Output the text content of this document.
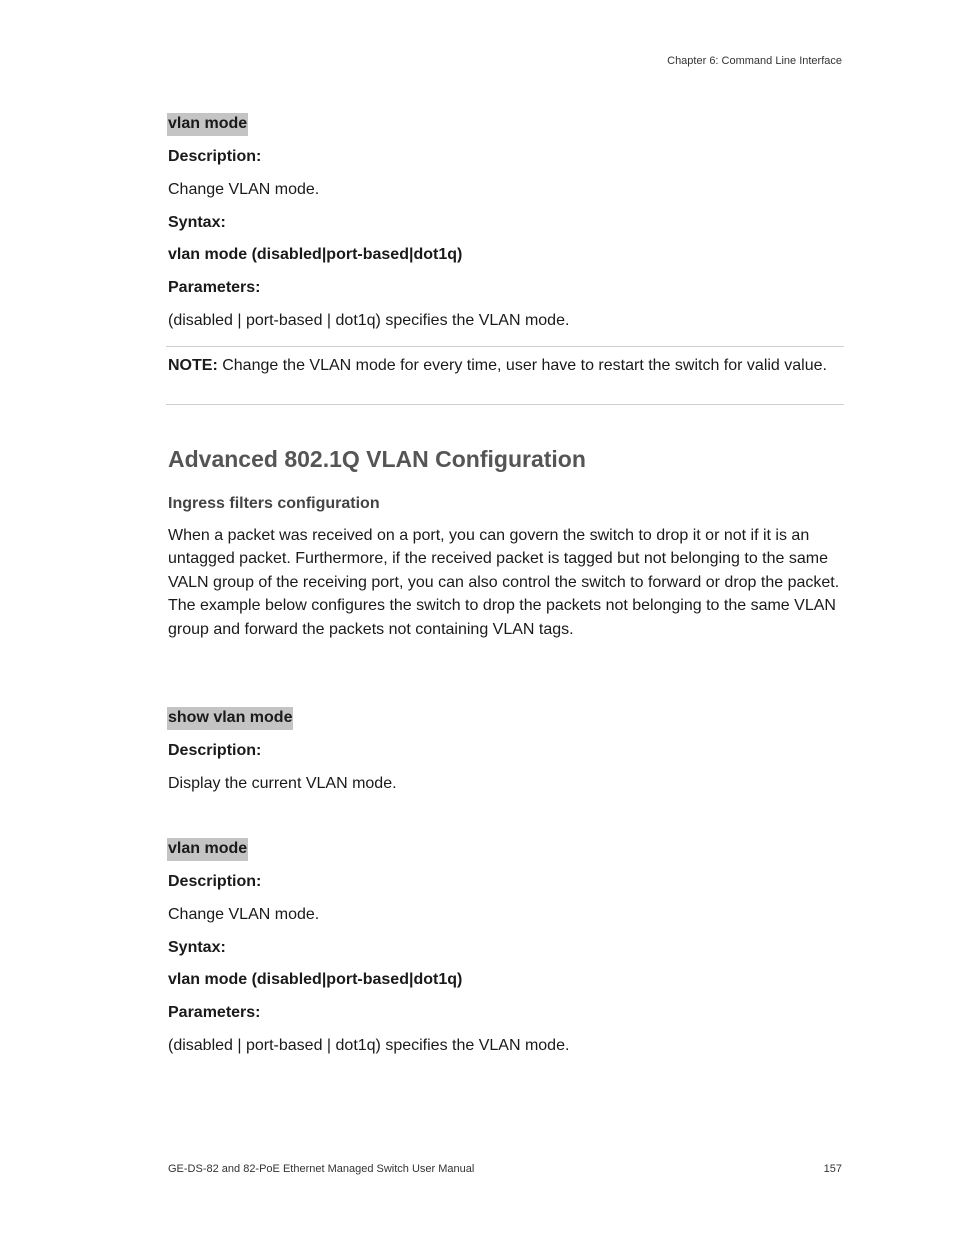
Chapter 6: Command Line Interface
vlan mode
Description:
Change VLAN mode.
Syntax:
vlan mode (disabled|port-based|dot1q)
Parameters:
(disabled | port-based | dot1q) specifies the VLAN mode.
NOTE: Change the VLAN mode for every time, user have to restart the switch for valid value.
Advanced 802.1Q VLAN Configuration
Ingress filters configuration
When a packet was received on a port, you can govern the switch to drop it or not if it is an untagged packet. Furthermore, if the received packet is tagged but not belonging to the same VALN group of the receiving port, you can also control the switch to forward or drop the packet. The example below configures the switch to drop the packets not belonging to the same VLAN group and forward the packets not containing VLAN tags.
show vlan mode
Description:
Display the current VLAN mode.
vlan mode
Description:
Change VLAN mode.
Syntax:
vlan mode (disabled|port-based|dot1q)
Parameters:
(disabled | port-based | dot1q) specifies the VLAN mode.
GE-DS-82 and 82-PoE Ethernet Managed Switch User Manual	157
